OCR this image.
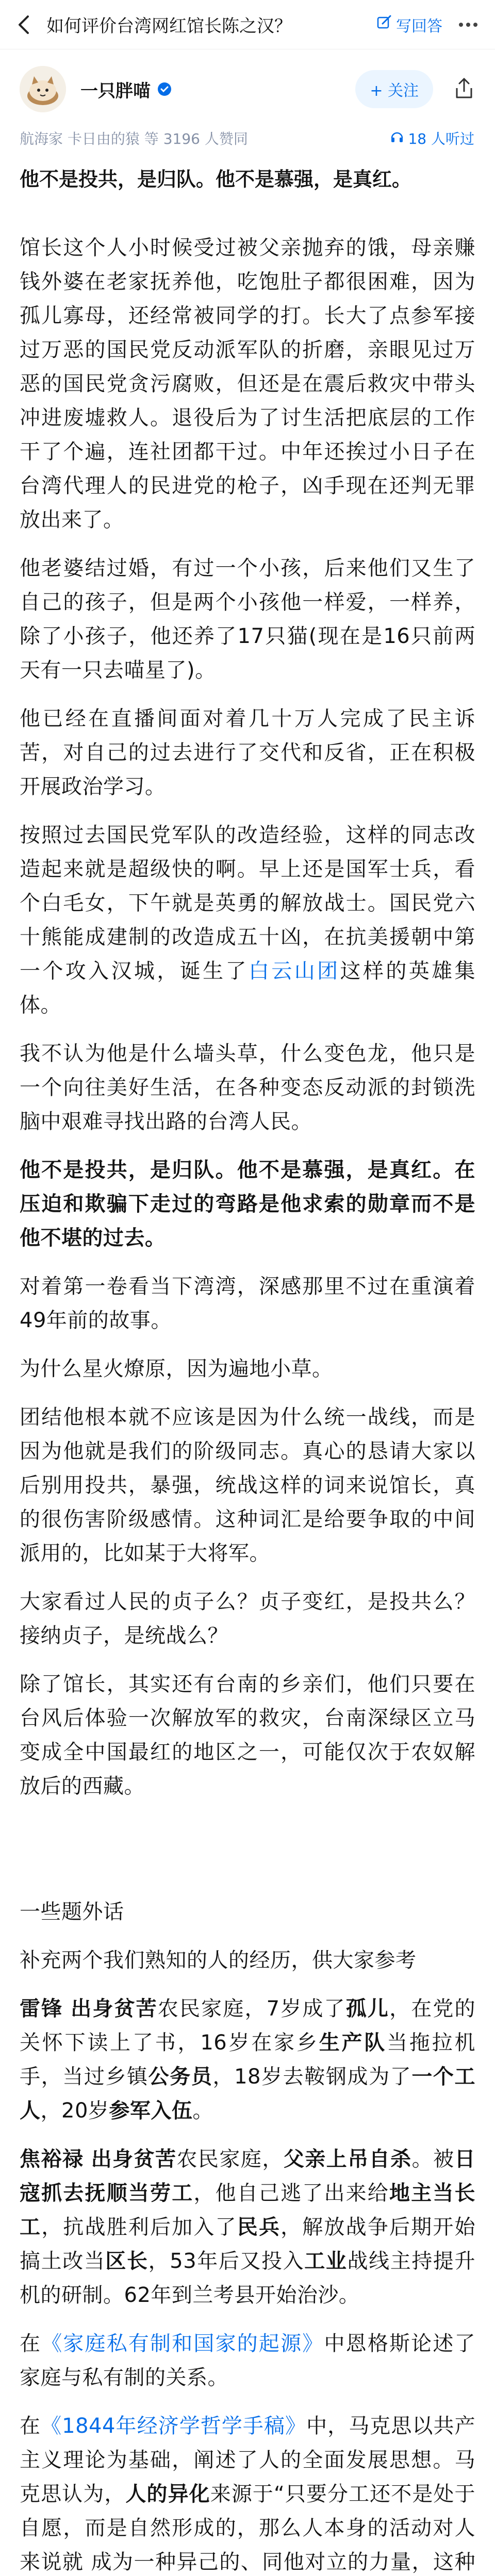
如何评价台湾网红馆长陈之汉？	写回答
一只胖喵	+ 关注
航海家 卡日由的猿 等 3196 人赞同	18 人听过
他不是投共，是归队。他不是慕强，是真红。
馆长这个人小时候受过被父亲抛弃的饿，母亲赚钱外婆在老家抚养他，吃饱肚子都很困难，因为孤儿寡母，还经常被同学的打。长大了点参军接过万恶的国民党反动派军队的折磨，亲眼见过万恶的国民党贪污腐败，但还是在震后救灾中带头冲进废墟救人。退役后为了讨生活把底层的工作干了个遍，连社团都干过。中年还挨过小日子在台湾代理人的民进党的枪子，凶手现在还判无罪放出来了。
他老婆结过婚，有过一个小孩，后来他们又生了自己的孩子，但是两个小孩他一样爱，一样养，除了小孩子，他还养了17只猫(现在是16只前两天有一只去喵星了)。
他已经在直播间面对着几十万人完成了民主诉苦，对自己的过去进行了交代和反省，正在积极开展政治学习。
按照过去国民党军队的改造经验，这样的同志改造起来就是超级快的啊。早上还是国军士兵，看个白毛女，下午就是英勇的解放战士。国民党六十熊能成建制的改造成五十凶，在抗美援朝中第一个攻入汉城，诞生了白云山团这样的英雄集体。
我不认为他是什么墙头草，什么变色龙，他只是一个向往美好生活，在各种变态反动派的封锁洗脑中艰难寻找出路的台湾人民。
他不是投共，是归队。他不是慕强，是真红。在压迫和欺骗下走过的弯路是他求索的勋章而不是他不堪的过去。
对着第一卷看当下湾湾，深感那里不过在重演着49年前的故事。
为什么星火燎原，因为遍地小草。
团结他根本就不应该是因为什么统一战线，而是因为他就是我们的阶级同志。真心的恳请大家以后别用投共，暴强，统战这样的词来说馆长，真的很伤害阶级感情。这种词汇是给要争取的中间派用的，比如某于大将军。
大家看过人民的贞子么？贞子变红，是投共么？接纳贞子，是统战么？
除了馆长，其实还有台南的乡亲们，他们只要在台风后体验一次解放军的救灾，台南深绿区立马变成全中国最红的地区之一，可能仅次于农奴解放后的西藏。
一些题外话
补充两个我们熟知的人的经历，供大家参考
雷锋 出身贫苦农民家庭，7岁成了孤儿，在党的关怀下读上了书，16岁在家乡生产队当拖拉机手，当过乡镇公务员，18岁去鞍钢成为了一个工人，20岁参军入伍。
焦裕禄 出身贫苦农民家庭，父亲上吊自杀。被日寇抓去抚顺当劳工，他自己逃了出来给地主当长工，抗战胜利后加入了民兵，解放战争后期开始搞土改当区长，53年后又投入工业战线主持提升机的研制。62年到兰考县开始治沙。
在《家庭私有制和国家的起源》中恩格斯论述了家庭与私有制的关系。
在《1844年经济学哲学手稿》中，马克思以共产主义理论为基础，阐述了人的全面发展思想。马克思认为，人的异化来源于“只要分工还不是处于自愿，而是自然形成的，那么人本身的活动对人来说就 成为一种异己的、同他对立的力量，这种
